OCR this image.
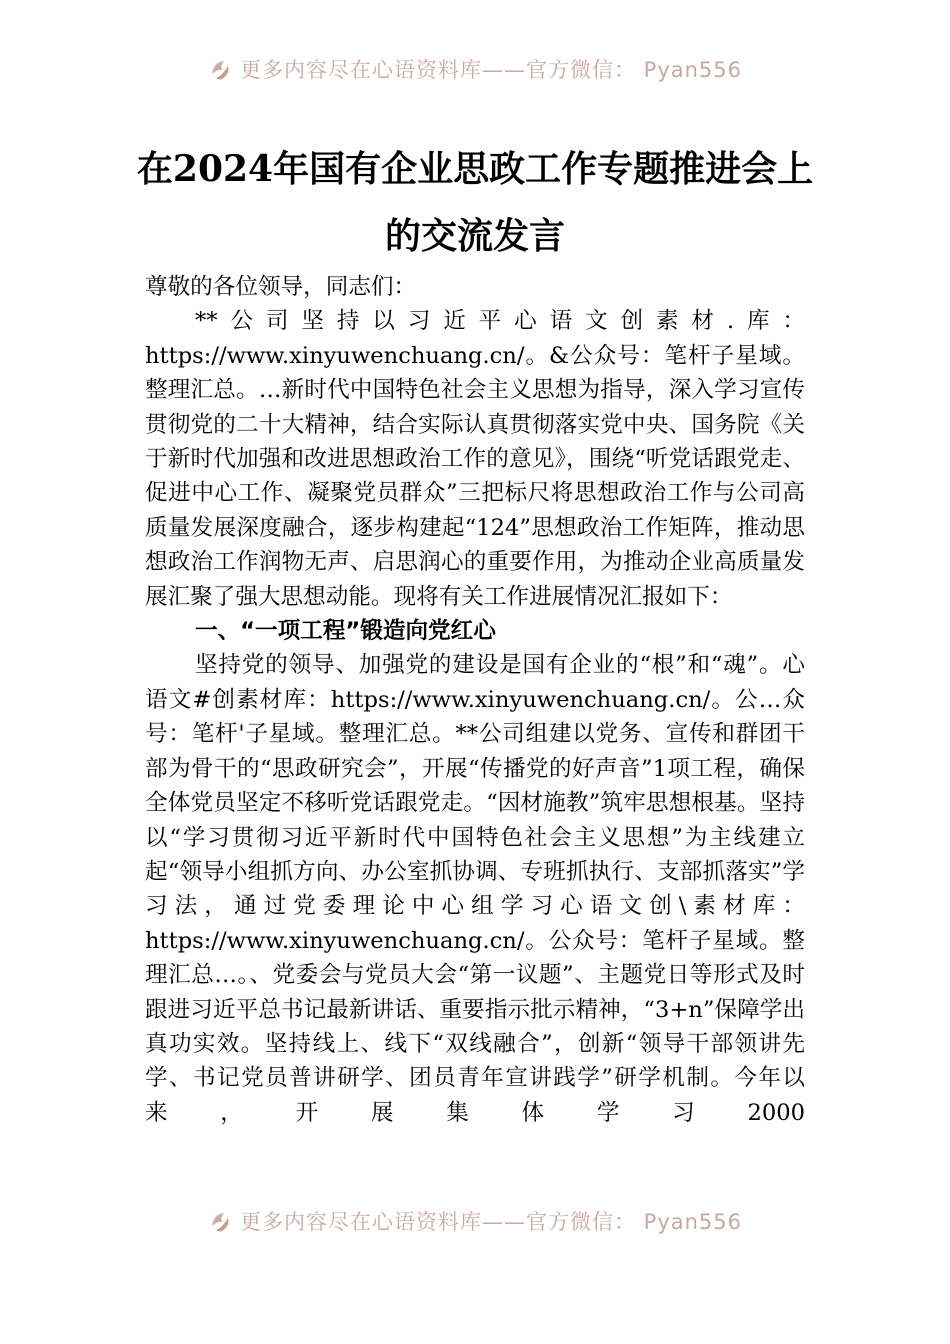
更多内容尽在心语资料库——官方微信： Pyan556
在2024年国有企业思政工作专题推进会上
的交流发言

尊敬的各位领导，同志们：

**公司坚持以习近平心语文创素材.库：https://www.xinyuwenchuang.cn/。&公众号：笔杆子星域。整理汇总。…新时代中国特色社会主义思想为指导，深入学习宣传贯彻党的二十大精神，结合实际认真贯彻落实党中央、国务院《关于新时代加强和改进思想政治工作的意见》，围绕“听党话跟党走、促进中心工作、凝聚党员群众”三把标尺将思想政治工作与公司高质量发展深度融合，逐步构建起“124”思想政治工作矩阵，推动思想政治工作润物无声、启思润心的重要作用，为推动企业高质量发展汇聚了强大思想动能。现将有关工作进展情况汇报如下：

一、“一项工程”锻造向党红心

坚持党的领导、加强党的建设是国有企业的“根”和“魂”。心语文#创素材库：https://www.xinyuwenchuang.cn/。公…众号：笔杆'子星域。整理汇总。**公司组建以党务、宣传和群团干部为骨干的“思政研究会”，开展“传播党的好声音”1项工程，确保全体党员坚定不移听党话跟党走。“因材施教”筑牢思想根基。坚持以“学习贯彻习近平新时代中国特色社会主义思想”为主线建立起“领导小组抓方向、办公室抓协调、专班抓执行、支部抓落实”学习法，通过党委理论中心组学习心语文创\素材库：https://www.xinyuwenchuang.cn/。公众号：笔杆子星域。整理汇总…。、党委会与党员大会“第一议题”、主题党日等形式及时跟进习近平总书记最新讲话、重要指示批示精神，“3+n”保障学出真功实效。坚持线上、线下“双线融合”，创新“领导干部领讲先学、书记党员普讲研学、团员青年宣讲践学”研学机制。今年以来，开展集体学习2000

更多内容尽在心语资料库——官方微信： Pyan556
